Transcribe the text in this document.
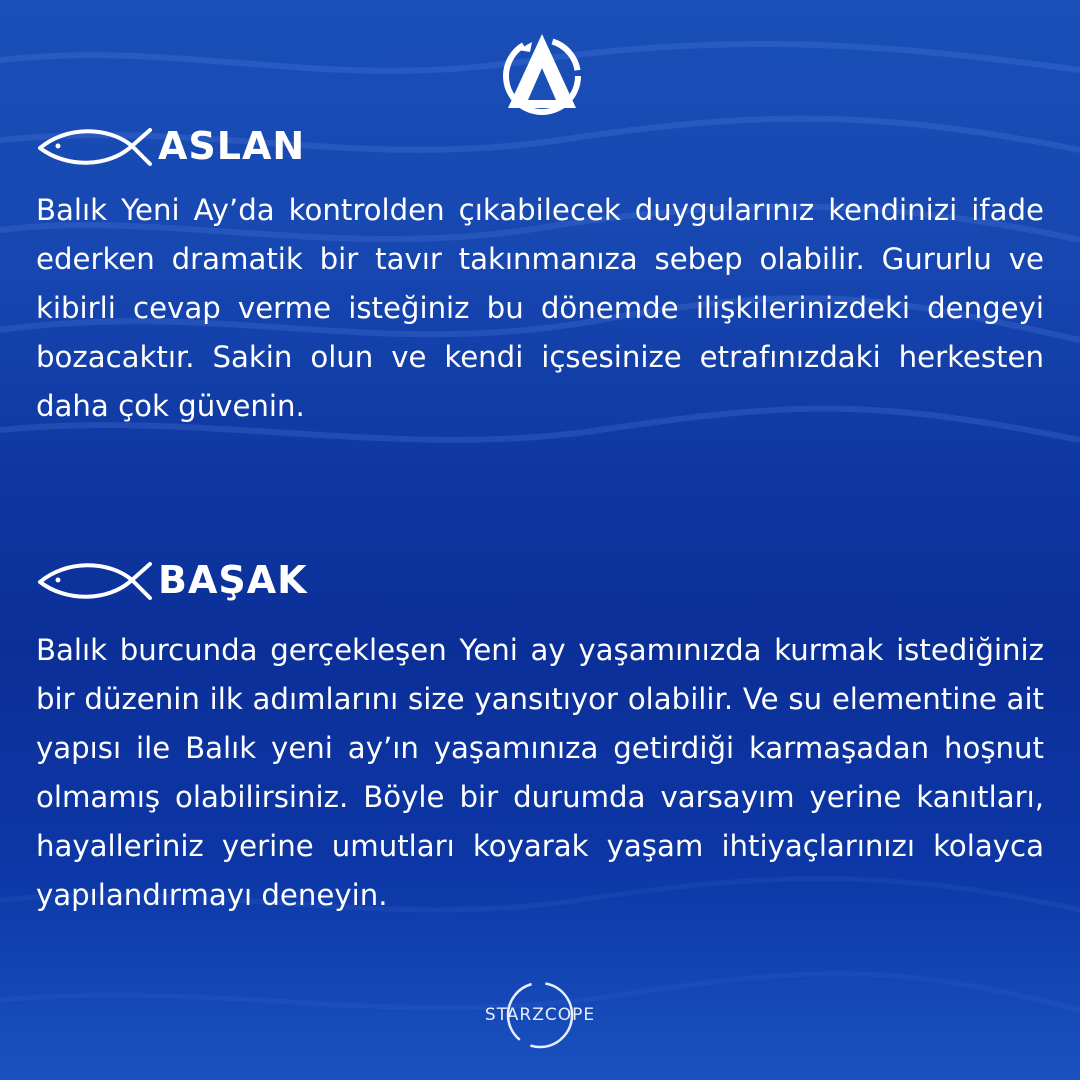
ASLAN

Balık Yeni Ay’da kontrolden çıkabilecek duygularınız kendinizi ifade ederken dramatik bir tavır takınmanıza sebep olabilir. Gururlu ve kibirli cevap verme isteğiniz bu dönemde ilişkilerinizdeki dengeyi bozacaktır. Sakin olun ve kendi içsesinize etrafınızdaki herkesten daha çok güvenin.

BAŞAK

Balık burcunda gerçekleşen Yeni ay yaşamınızda kurmak istediğiniz bir düzenin ilk adımlarını size yansıtıyor olabilir. Ve su elementine ait yapısı ile Balık yeni ay’ın yaşamınıza getirdiği karmaşadan hoşnut olmamış olabilirsiniz. Böyle bir durumda varsayım yerine kanıtları, hayalleriniz yerine umutları koyarak yaşam ihtiyaçlarınızı kolayca yapılandırmayı deneyin.

STARZCOPE
